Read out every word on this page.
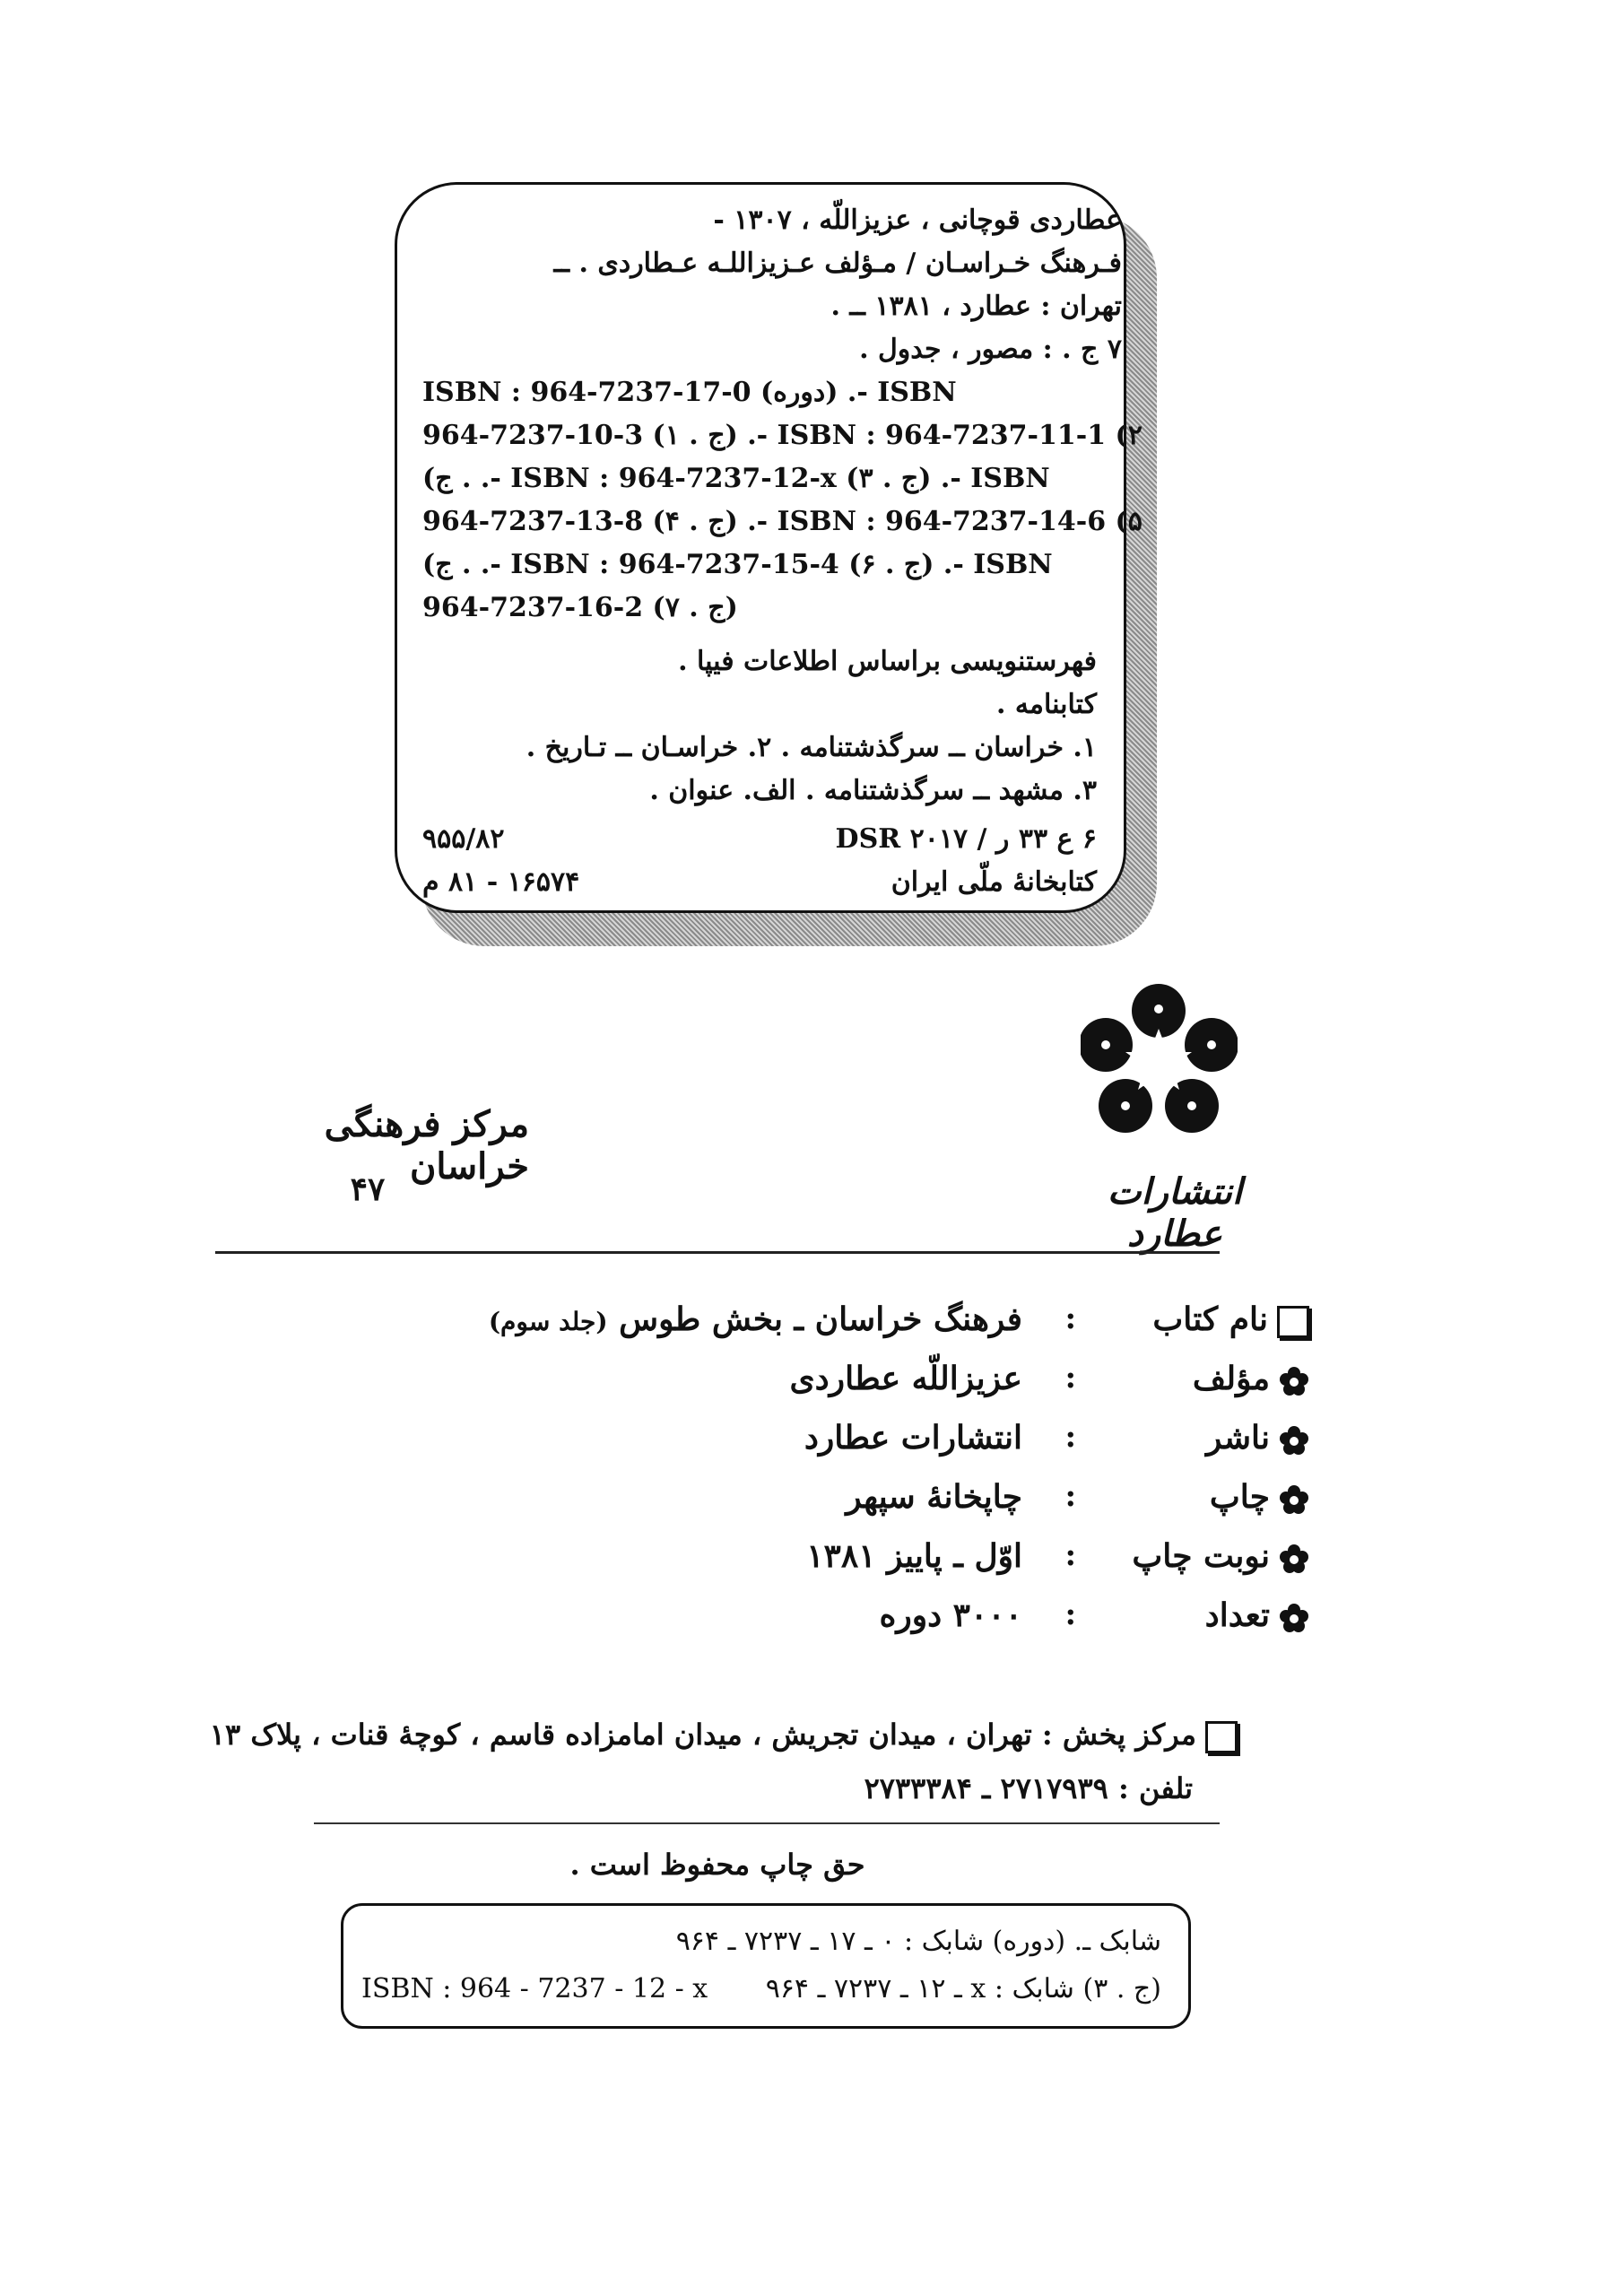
عطاردی قوچانی ، عزیزاللّه ، ۱۳۰۷ -
فـرهنگ خـراسـان / مـؤلف عـزیزاللـه عـطاردی . ــ
تهران : عطارد ، ۱۳۸۱ ــ .
۷ ج . : مصور ، جدول .
ISBN : 964-7237-17-0 (دوره) .- ISBN
964-7237-10-3 (ج . ۱) .- ISBN : 964-7237-11-1 (۲
(ج . .- ISBN : 964-7237-12-x (ج . ۳) .- ISBN
964-7237-13-8 (ج . ۴) .- ISBN : 964-7237-14-6 (۵
(ج . .- ISBN : 964-7237-15-4 (ج . ۶) .- ISBN
964-7237-16-2 (ج . ۷)
فهرستنویسی براساس اطلاعات فیپا .
کتابنامه .
۱. خراسان ــ سرگذشتنامه . ۲. خراسـان ــ تـاریخ .
۳. مشهد ــ سرگذشتنامه . الف. عنوان .
۶ ع ۳۳ ر / DSR ۲۰۱۷
۹۵۵/۸۲
کتابخانهٔ ملّی ایران
۱۶۵۷۴ - ۸۱ م
انتشارات عطارد
مرکز فرهنگی خراسان
۴۷
نام کتاب
:
فرهنگ خراسان ـ بخش طوس (جلد سوم)
مؤلف
:
عزیزاللّه عطاردی
ناشر
:
انتشارات عطارد
چاپ
:
چاپخانهٔ سپهر
نوبت چاپ
:
اوّل ـ پاییز ۱۳۸۱
تعداد
:
۳۰۰۰ دوره
مرکز پخش : تهران ، میدان تجریش ، میدان امامزاده قاسم ، کوچهٔ قنات ، پلاک ۱۳
تلفن : ۲۷۱۷۹۳۹ ـ ۲۷۳۳۳۸۴
حق چاپ محفوظ است .
شابک ـ. (دوره) شابک : ۰ ـ ۱۷ ـ ۷۲۳۷ ـ ۹۶۴
(ج . ۳) شابک : x ـ ۱۲ ـ ۷۲۳۷ ـ ۹۶۴
ISBN : 964 - 7237 - 12 - x
